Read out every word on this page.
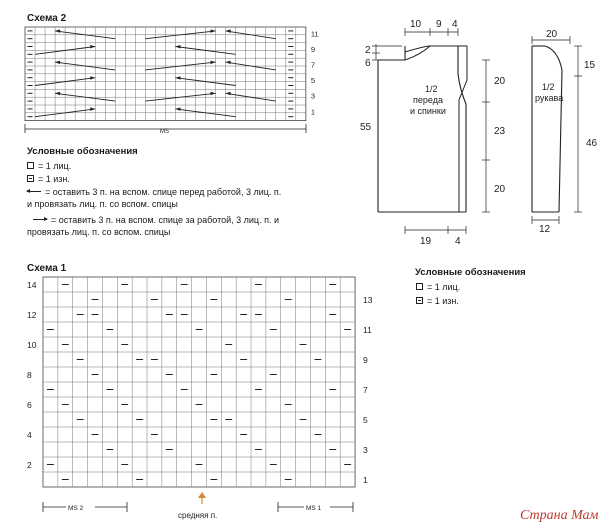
Схема 2
11
9
7
5
3
1
MS
14
12
10
8
6
4
2
13
11
9
7
5
3
1
MS 2	MS 1
средняя п.
10 9 4
2
6
55
20
23
20
19 4
1/2
переда
и спинки
20
15
46
12
1/2
рукава
Условные обозначения
= 1 лиц.
= 1 изн.
= оставить 3 п. на вспом. спице перед работой, 3 лиц. п.
и провязать лиц. п. со вспом. спицы
= оставить 3 п. на вспом. спице за работой, 3 лиц. п. и
провязать лиц. п. со вспом. спицы
Схема 1	Условные обозначения
= 1 лиц.
= 1 изн.
Страна Мам
